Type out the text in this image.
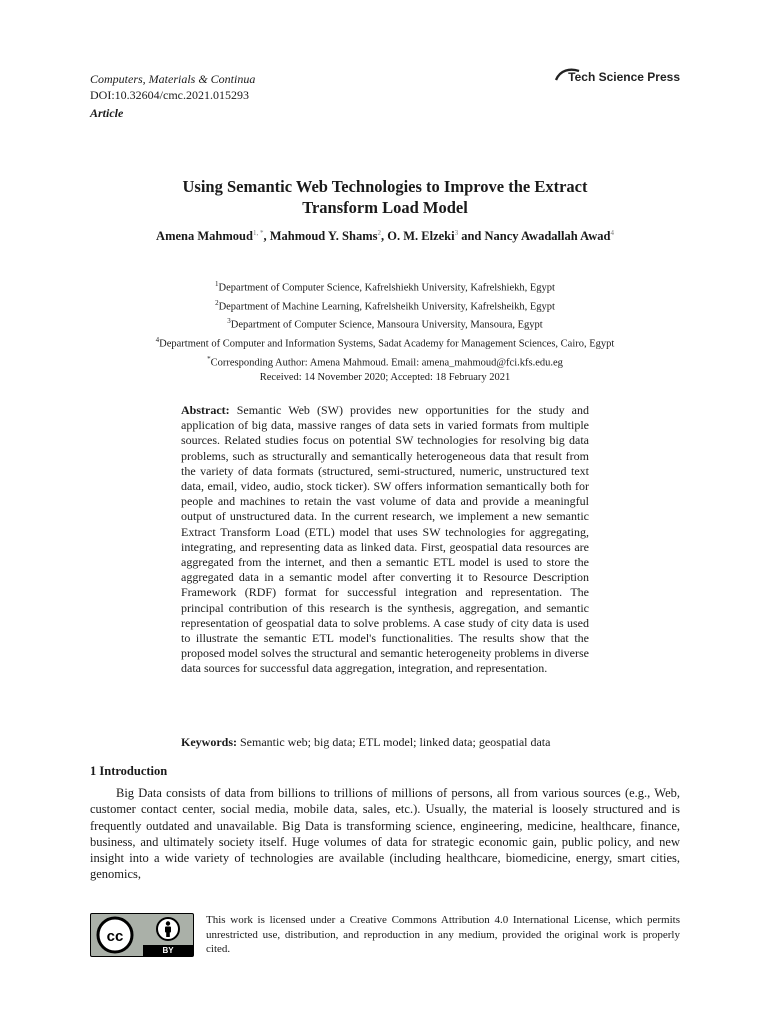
Computers, Materials & Continua
DOI:10.32604/cmc.2021.015293
Article
Tech Science Press
Using Semantic Web Technologies to Improve the Extract
Transform Load Model
Amena Mahmoud$^{1, *}$, Mahmoud Y. Shams$^2$, O. M. Elzeki$^3$ and Nancy Awadallah Awad$^4$
$^1$Department of Computer Science, Kafrelshiekh University, Kafrelshiekh, Egypt
$^2$Department of Machine Learning, Kafrelsheikh University, Kafrelsheikh, Egypt
$^3$Department of Computer Science, Mansoura University, Mansoura, Egypt
$^4$Department of Computer and Information Systems, Sadat Academy for Management Sciences, Cairo, Egypt
*Corresponding Author: Amena Mahmoud. Email: amena_mahmoud@fci.kfs.edu.eg
Received: 14 November 2020; Accepted: 18 February 2021
Abstract: Semantic Web (SW) provides new opportunities for the study and application of big data, massive ranges of data sets in varied formats from multiple sources. Related studies focus on potential SW technologies for resolving big data problems, such as structurally and semantically heterogeneous data that result from the variety of data formats (structured, semi-structured, numeric, unstructured text data, email, video, audio, stock ticker). SW offers information semantically both for people and machines to retain the vast volume of data and provide a meaningful output of unstructured data. In the current research, we implement a new semantic Extract Transform Load (ETL) model that uses SW technologies for aggregating, integrating, and representing data as linked data. First, geospatial data resources are aggregated from the internet, and then a semantic ETL model is used to store the aggregated data in a semantic model after converting it to Resource Description Framework (RDF) format for successful integration and representation. The principal contribution of this research is the synthesis, aggregation, and semantic representation of geospatial data to solve problems. A case study of city data is used to illustrate the semantic ETL model's functionalities. The results show that the proposed model solves the structural and semantic heterogeneity problems in diverse data sources for successful data aggregation, integration, and representation.
Keywords: Semantic web; big data; ETL model; linked data; geospatial data
1 Introduction
Big Data consists of data from billions to trillions of millions of persons, all from various sources (e.g., Web, customer contact center, social media, mobile data, sales, etc.). Usually, the material is loosely structured and is frequently outdated and unavailable. Big Data is transforming science, engineering, medicine, healthcare, finance, business, and ultimately society itself. Huge volumes of data for strategic economic gain, public policy, and new insight into a wide variety of technologies are available (including healthcare, biomedicine, energy, smart cities, genomics,
cc
BY
This work is licensed under a Creative Commons Attribution 4.0 International License, which permits unrestricted use, distribution, and reproduction in any medium, provided the original work is properly cited.
